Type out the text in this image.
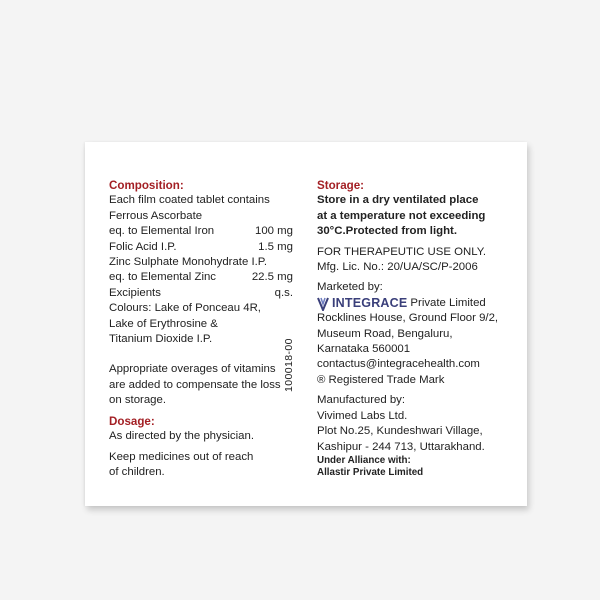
Composition:
Each film coated tablet contains
Ferrous Ascorbate
eq. to Elemental Iron	100 mg
Folic Acid I.P.	1.5 mg
Zinc Sulphate Monohydrate I.P.
eq. to Elemental Zinc	22.5 mg
Excipients	q.s.
Colours: Lake of Ponceau 4R,
Lake of Erythrosine &
Titanium Dioxide I.P.
Appropriate overages of vitamins
are added to compensate the loss
on storage.
Dosage:
As directed by the physician.
Keep medicines out of reach
of children.
100018-00
Storage:
Store in a dry ventilated place
at a temperature not exceeding
30°C.Protected from light.
FOR THERAPEUTIC USE ONLY.
Mfg. Lic. No.: 20/UA/SC/P-2006
Marketed by:
INTEGRACE Private Limited
Rocklines House, Ground Floor 9/2,
Museum Road, Bengaluru,
Karnataka 560001
contactus@integracehealth.com
® Registered Trade Mark
Manufactured by:
Vivimed Labs Ltd.
Plot No.25, Kundeshwari Village,
Kashipur - 244 713, Uttarakhand.
Under Alliance with:
Allastir Private Limited
